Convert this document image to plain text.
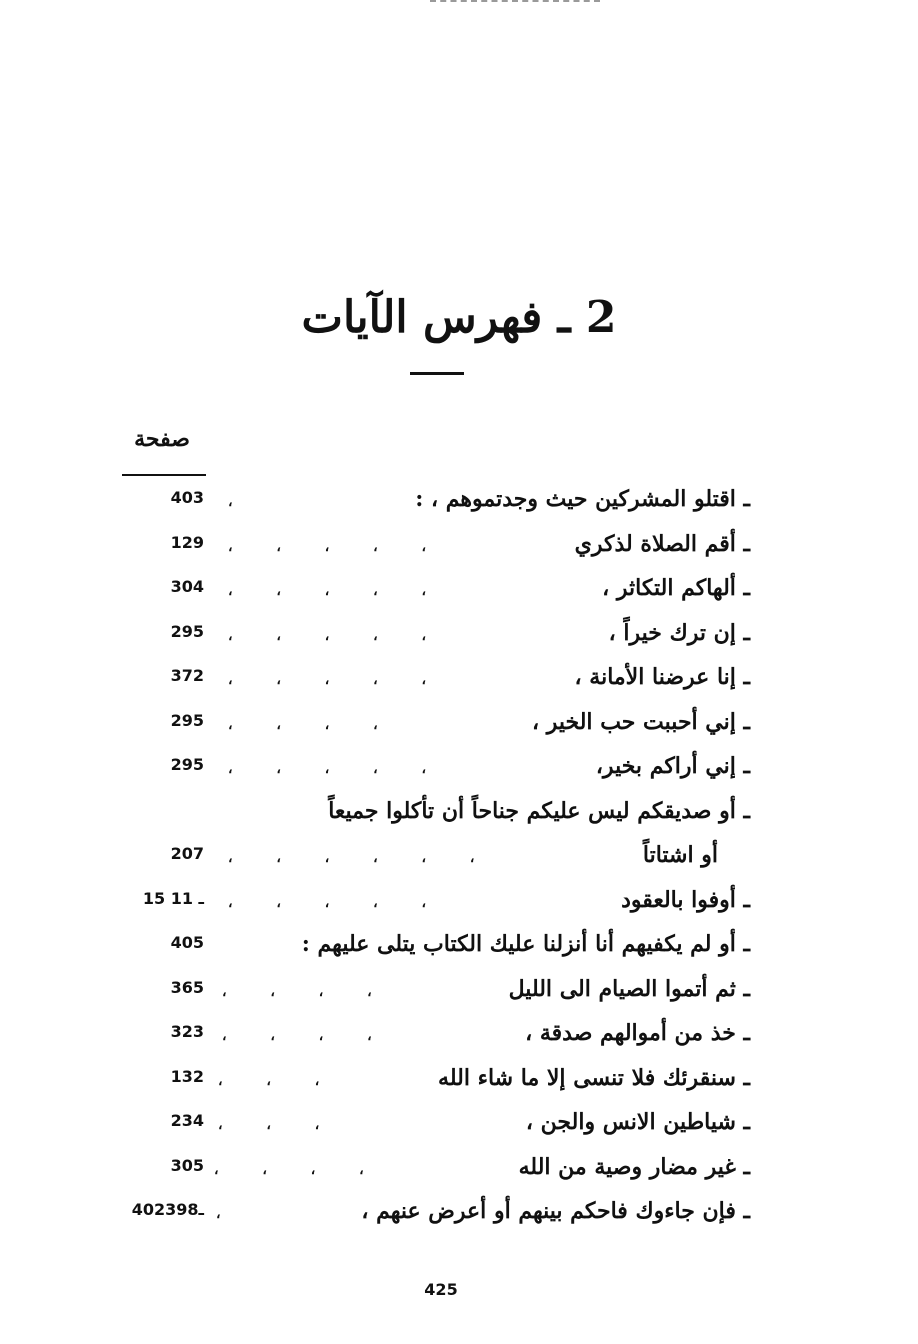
2 ـ فهرس الآيات
صفحة
ـ اقتلو المشركين حيث وجدتموهم ، :
،
403
ـ أقم الصلاة لذكري
،         ،         ،         ،         ،
129
ـ ألهاكم التكاثر ،
،         ،         ،         ،         ،
304
ـ إن ترك خيراً ،
،         ،         ،         ،         ،
295
ـ إنا عرضنا الأمانة ،
،         ،         ،         ،         ،
372
ـ إني أحببت حب الخير ،
،         ،         ،         ،
295
ـ إني أراكم بخير،
،         ،         ،         ،         ،
295
ـ أو صديقكم ليس عليكم جناحاً أن تأكلوا جميعاً
أو اشتاتاً
،         ،         ،         ،         ،         ،
207
ـ أوفوا بالعقود
،         ،         ،         ،         ،
15 ـ 11
ـ أو لم يكفيهم أنا أنزلنا عليك الكتاب يتلى عليهم :
405
ـ ثم أتموا الصيام الى الليل
،         ،         ،         ،
365
ـ خذ من أموالهم صدقة ،
،         ،         ،         ،
323
ـ سنقرئك فلا تنسى إلا ما شاء الله
،         ،         ،
132
ـ شياطين الانس والجن ،
،         ،         ،
234
ـ غير مضار وصية من الله
،         ،         ،         ،
305
ـ فإن جاءوك فاحكم بينهم أو أعرض عنهم ،
،
402ـ398
425
